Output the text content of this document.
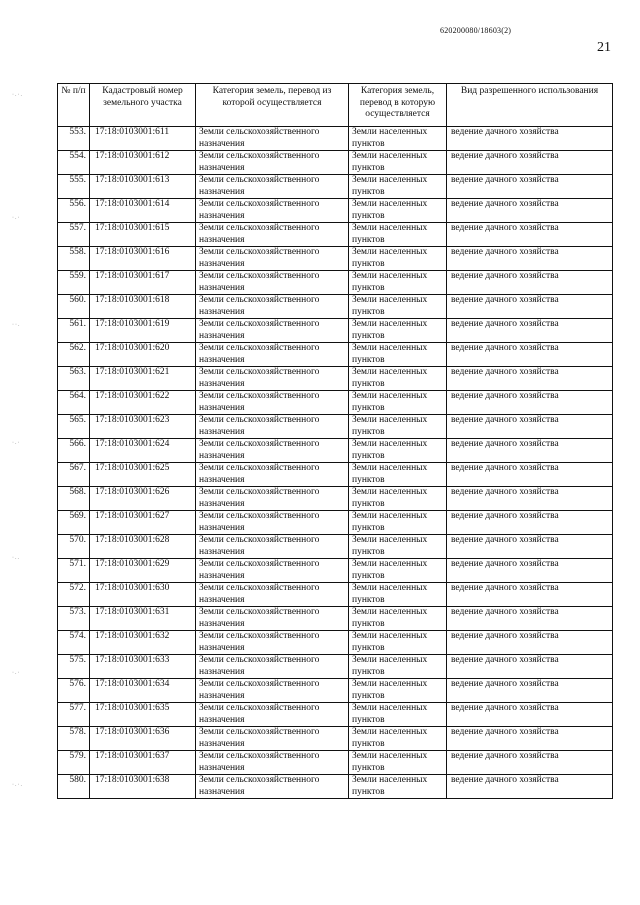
620200080/18603(2)
21
·.·.
·.·
··.
·.·
·..
·.·
·.·.
№ п/п	Кадастровый номер земельного участка	Категория земель, перевод из которой осуществляется	Категория земель, перевод в которую осуществляется	Вид разрешенного использования
553.	17:18:0103001:611	Земли сельскохозяйственного назначения	Земли населенных пунктов	ведение дачного хозяйства
554.	17:18:0103001:612	Земли сельскохозяйственного назначения	Земли населенных пунктов	ведение дачного хозяйства
555.	17:18:0103001:613	Земли сельскохозяйственного назначения	Земли населенных пунктов	ведение дачного хозяйства
556.	17:18:0103001:614	Земли сельскохозяйственного назначения	Земли населенных пунктов	ведение дачного хозяйства
557.	17:18:0103001:615	Земли сельскохозяйственного назначения	Земли населенных пунктов	ведение дачного хозяйства
558.	17:18:0103001:616	Земли сельскохозяйственного назначения	Земли населенных пунктов	ведение дачного хозяйства
559.	17:18:0103001:617	Земли сельскохозяйственного назначения	Земли населенных пунктов	ведение дачного хозяйства
560.	17:18:0103001:618	Земли сельскохозяйственного назначения	Земли населенных пунктов	ведение дачного хозяйства
561.	17:18:0103001:619	Земли сельскохозяйственного назначения	Земли населенных пунктов	ведение дачного хозяйства
562.	17:18:0103001:620	Земли сельскохозяйственного назначения	Земли населенных пунктов	ведение дачного хозяйства
563.	17:18:0103001:621	Земли сельскохозяйственного назначения	Земли населенных пунктов	ведение дачного хозяйства
564.	17:18:0103001:622	Земли сельскохозяйственного назначения	Земли населенных пунктов	ведение дачного хозяйства
565.	17:18:0103001:623	Земли сельскохозяйственного назначения	Земли населенных пунктов	ведение дачного хозяйства
566.	17:18:0103001:624	Земли сельскохозяйственного назначения	Земли населенных пунктов	ведение дачного хозяйства
567.	17:18:0103001:625	Земли сельскохозяйственного назначения	Земли населенных пунктов	ведение дачного хозяйства
568.	17:18:0103001:626	Земли сельскохозяйственного назначения	Земли населенных пунктов	ведение дачного хозяйства
569.	17:18:0103001:627	Земли сельскохозяйственного назначения	Земли населенных пунктов	ведение дачного хозяйства
570.	17:18:0103001:628	Земли сельскохозяйственного назначения	Земли населенных пунктов	ведение дачного хозяйства
571.	17:18:0103001:629	Земли сельскохозяйственного назначения	Земли населенных пунктов	ведение дачного хозяйства
572.	17:18:0103001:630	Земли сельскохозяйственного назначения	Земли населенных пунктов	ведение дачного хозяйства
573.	17:18:0103001:631	Земли сельскохозяйственного назначения	Земли населенных пунктов	ведение дачного хозяйства
574.	17:18:0103001:632	Земли сельскохозяйственного назначения	Земли населенных пунктов	ведение дачного хозяйства
575.	17:18:0103001:633	Земли сельскохозяйственного назначения	Земли населенных пунктов	ведение дачного хозяйства
576.	17:18:0103001:634	Земли сельскохозяйственного назначения	Земли населенных пунктов	ведение дачного хозяйства
577.	17:18:0103001:635	Земли сельскохозяйственного назначения	Земли населенных пунктов	ведение дачного хозяйства
578.	17:18:0103001:636	Земли сельскохозяйственного назначения	Земли населенных пунктов	ведение дачного хозяйства
579.	17:18:0103001:637	Земли сельскохозяйственного назначения	Земли населенных пунктов	ведение дачного хозяйства
580.	17:18:0103001:638	Земли сельскохозяйственного назначения	Земли населенных пунктов	ведение дачного хозяйства
